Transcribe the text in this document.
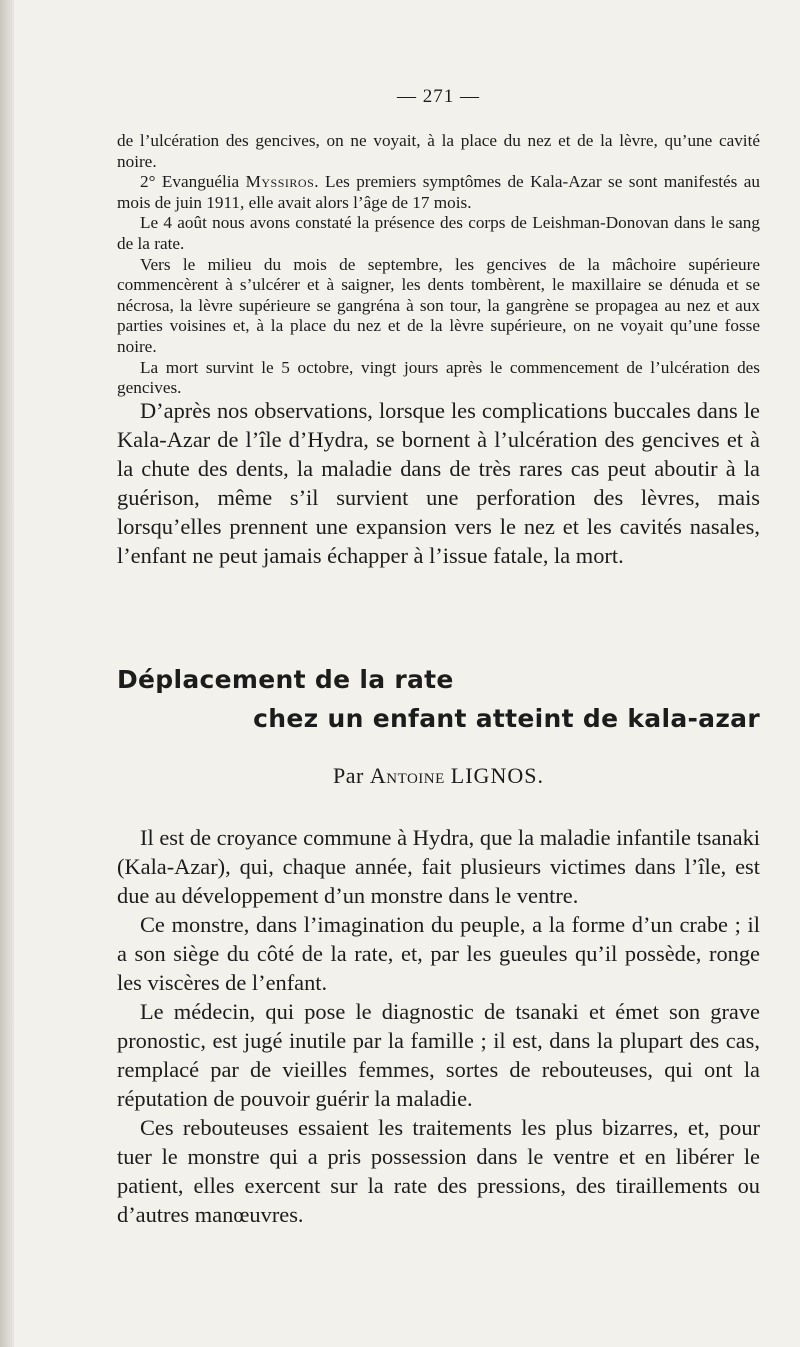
— 271 —

de l’ulcération des gencives, on ne voyait, à la place du nez et de la lèvre, qu’une cavité noire.

2° Evanguélia Myssiros. Les premiers symptômes de Kala-Azar se sont manifestés au mois de juin 1911, elle avait alors l’âge de 17 mois.

Le 4 août nous avons constaté la présence des corps de Leishman-Donovan dans le sang de la rate.

Vers le milieu du mois de septembre, les gencives de la mâchoire supérieure commencèrent à s’ulcérer et à saigner, les dents tombèrent, le maxillaire se dénuda et se nécrosa, la lèvre supérieure se gangréna à son tour, la gangrène se propagea au nez et aux parties voisines et, à la place du nez et de la lèvre supérieure, on ne voyait qu’une fosse noire.

La mort survint le 5 octobre, vingt jours après le commencement de l’ulcération des gencives.

D’après nos observations, lorsque les complications buccales dans le Kala-Azar de l’île d’Hydra, se bornent à l’ulcération des gencives et à la chute des dents, la maladie dans de très rares cas peut aboutir à la guérison, même s’il survient une perforation des lèvres, mais lorsqu’elles prennent une expansion vers le nez et les cavités nasales, l’enfant ne peut jamais échapper à l’issue fatale, la mort.

Déplacement de la rate
chez un enfant atteint de kala-azar
Par Antoine LIGNOS.

Il est de croyance commune à Hydra, que la maladie infantile tsanaki (Kala-Azar), qui, chaque année, fait plusieurs victimes dans l’île, est due au développement d’un monstre dans le ventre.

Ce monstre, dans l’imagination du peuple, a la forme d’un crabe ; il a son siège du côté de la rate, et, par les gueules qu’il possède, ronge les viscères de l’enfant.

Le médecin, qui pose le diagnostic de tsanaki et émet son grave pronostic, est jugé inutile par la famille ; il est, dans la plupart des cas, remplacé par de vieilles femmes, sortes de rebouteuses, qui ont la réputation de pouvoir guérir la maladie.

Ces rebouteuses essaient les traitements les plus bizarres, et, pour tuer le monstre qui a pris possession dans le ventre et en libérer le patient, elles exercent sur la rate des pressions, des tiraillements ou d’autres manœuvres.
